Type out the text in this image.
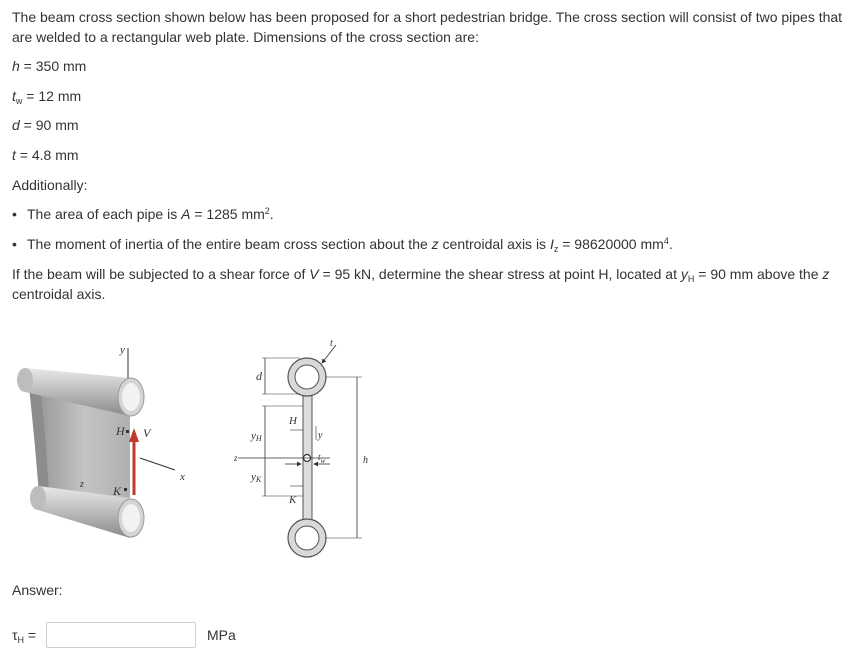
The beam cross section shown below has been proposed for a short pedestrian bridge. The cross section will consist of two pipes that are welded to a rectangular web plate. Dimensions of the cross section are:
h = 350 mm
$t_w = 12$ mm
d = 90 mm
t = 4.8 mm
Additionally:
• The area of each pipe is A = 1285 $mm^2$.
• The moment of inertia of the entire beam cross section about the z centroidal axis is $I_z = 98620000$ $mm^4$.
If the beam will be subjected to a shear force of V = 95 kN, determine the shear stress at point H, located at $y_H = 90$ mm above the z centroidal axis.
y
H V
K
z
x
d
t
yH
yK
H
y
z	$t_w$
K
h
Answer:
$\tau_H$ =	MPa
